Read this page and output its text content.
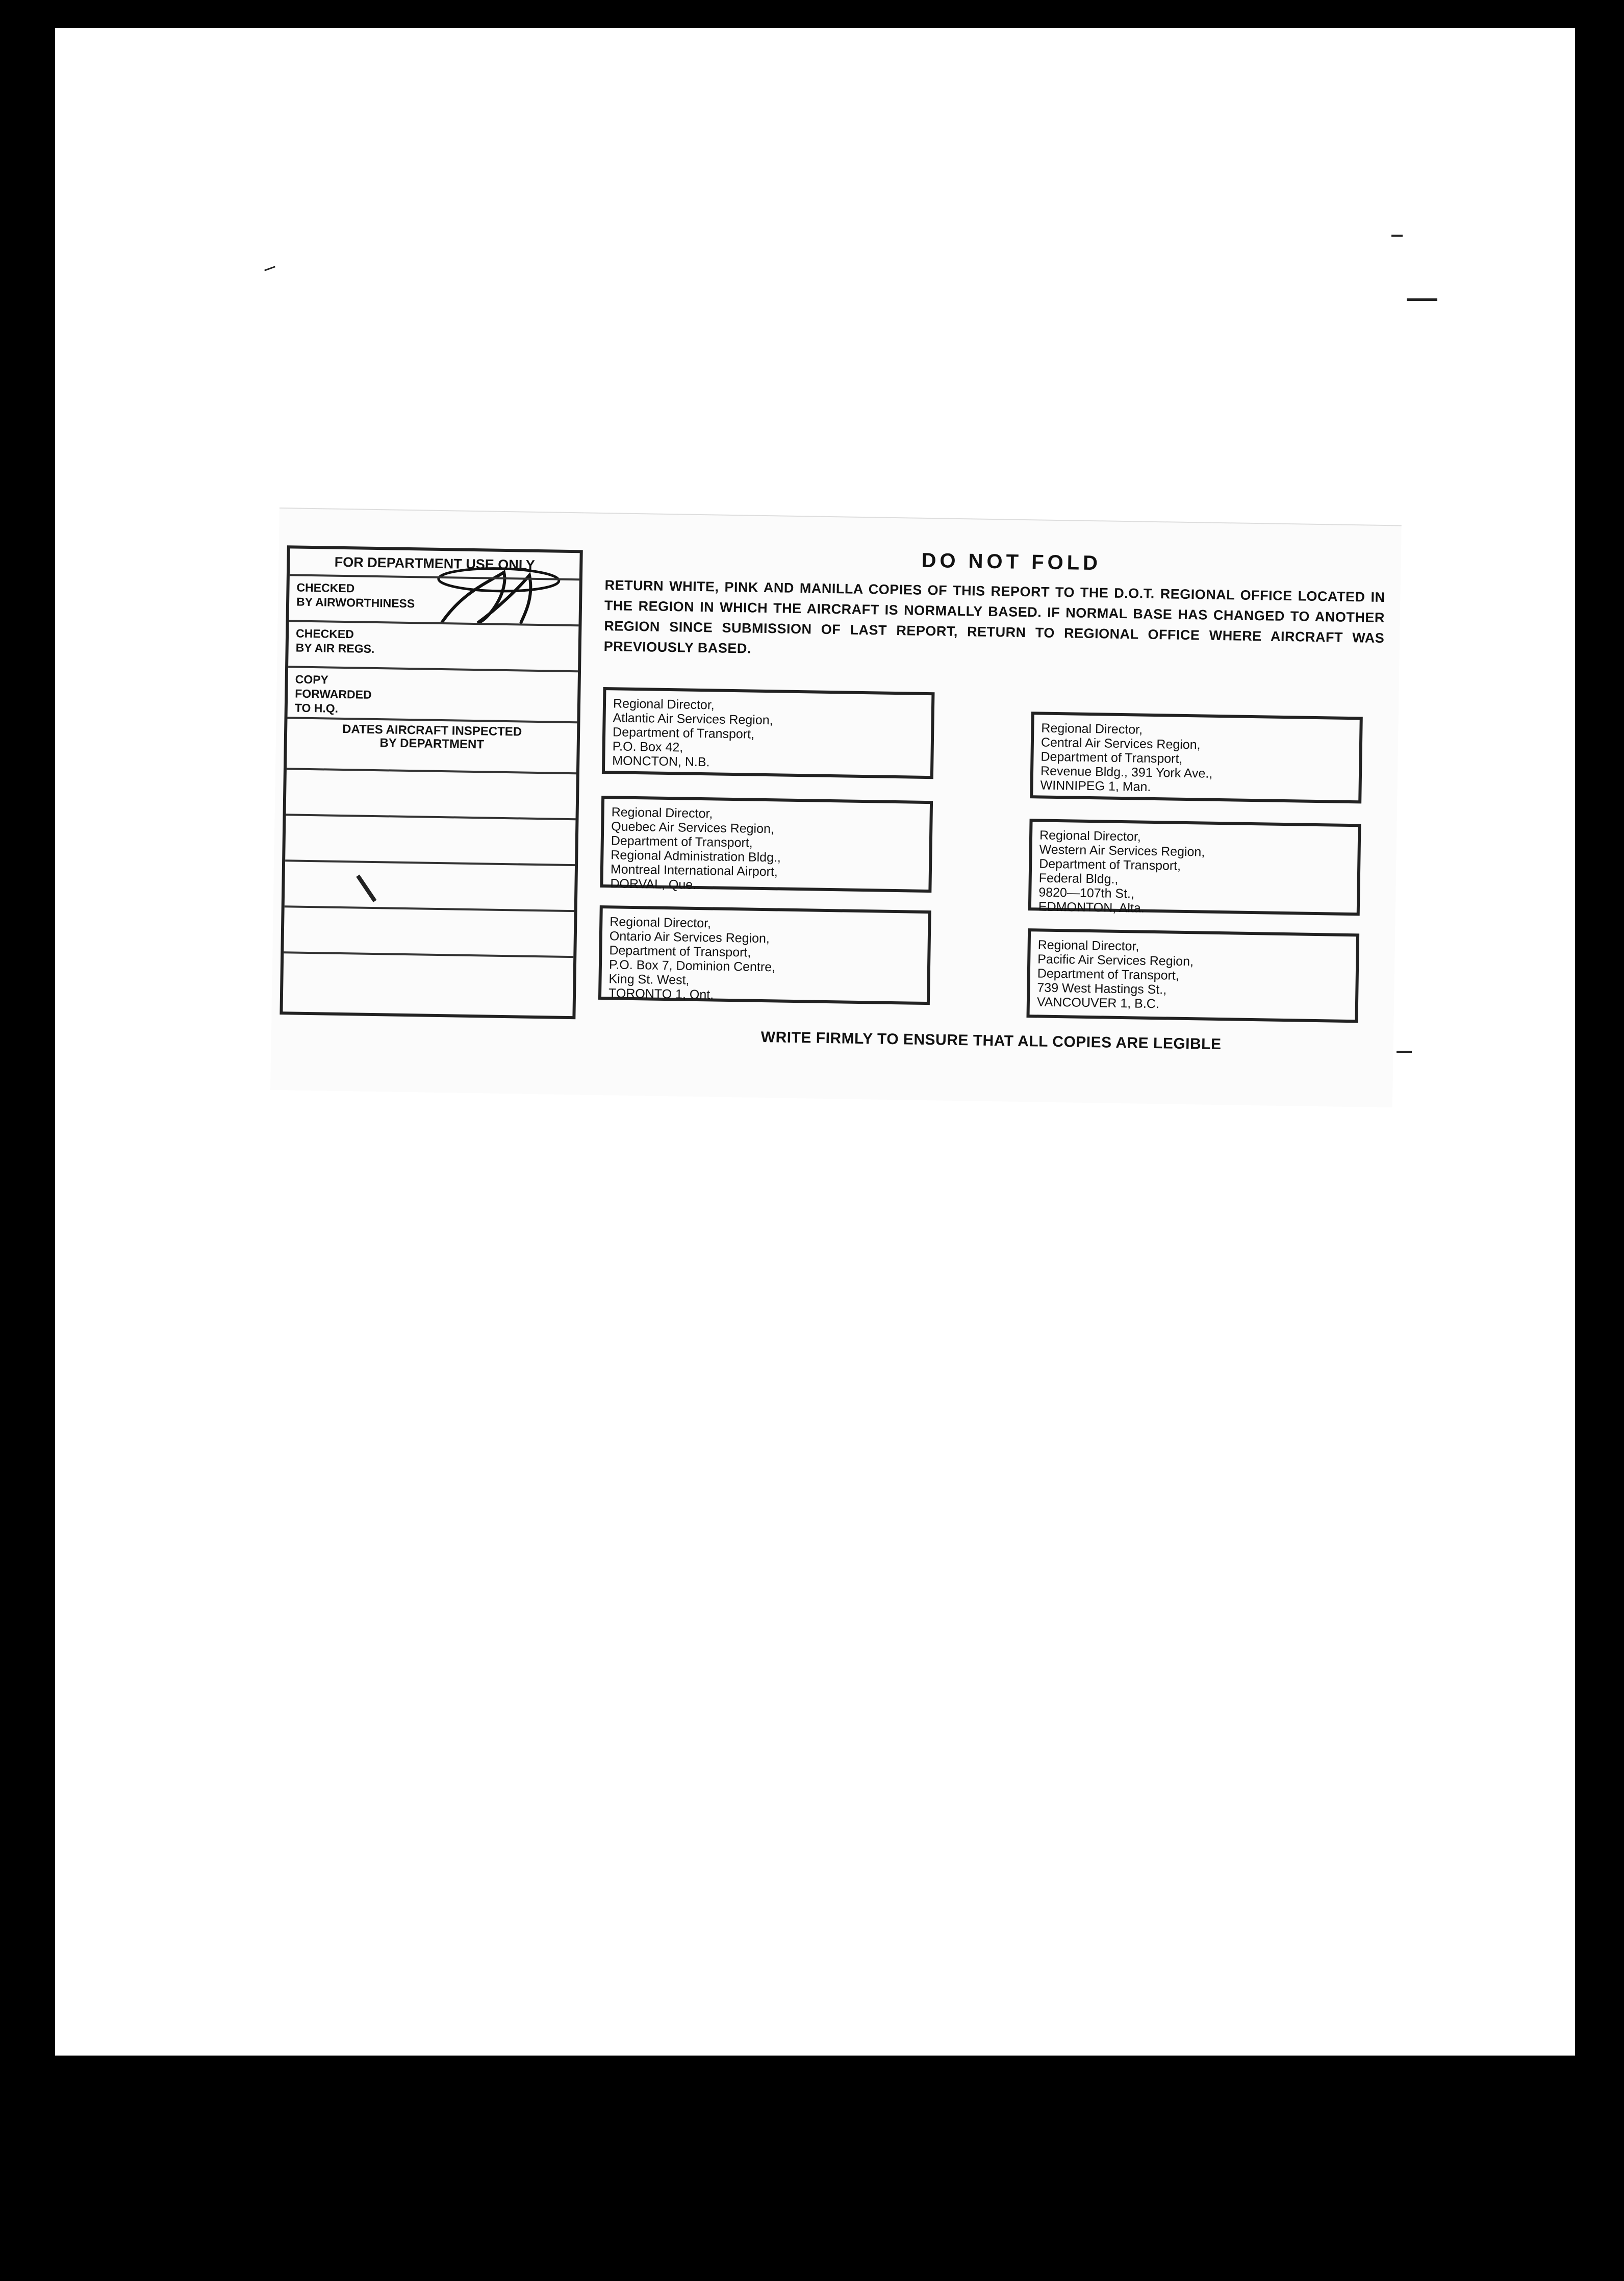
FOR DEPARTMENT USE ONLY
CHECKED
BY AIRWORTHINESS
CHECKED
BY AIR REGS.
COPY
FORWARDED
TO H.Q.
DATES AIRCRAFT INSPECTED
BY DEPARTMENT
DO NOT FOLD
RETURN WHITE, PINK AND MANILLA COPIES OF THIS REPORT TO THE D.O.T. REGIONAL OFFICE LOCATED IN THE REGION IN WHICH THE AIRCRAFT IS NORMALLY BASED. IF NORMAL BASE HAS CHANGED TO ANOTHER REGION SINCE SUBMISSION OF LAST REPORT, RETURN TO REGIONAL OFFICE WHERE AIRCRAFT WAS PREVIOUSLY BASED.
Regional Director,
Atlantic Air Services Region,
Department of Transport,
P.O. Box 42,
MONCTON, N.B.
Regional Director,
Central Air Services Region,
Department of Transport,
Revenue Bldg., 391 York Ave.,
WINNIPEG 1, Man.
Regional Director,
Quebec Air Services Region,
Department of Transport,
Regional Administration Bldg.,
Montreal International Airport,
DORVAL, Que.
Regional Director,
Western Air Services Region,
Department of Transport,
Federal Bldg.,
9820—107th St.,
EDMONTON, Alta.
Regional Director,
Ontario Air Services Region,
Department of Transport,
P.O. Box 7, Dominion Centre,
King St. West,
TORONTO 1, Ont.
Regional Director,
Pacific Air Services Region,
Department of Transport,
739 West Hastings St.,
VANCOUVER 1, B.C.
WRITE FIRMLY TO ENSURE THAT ALL COPIES ARE LEGIBLE
